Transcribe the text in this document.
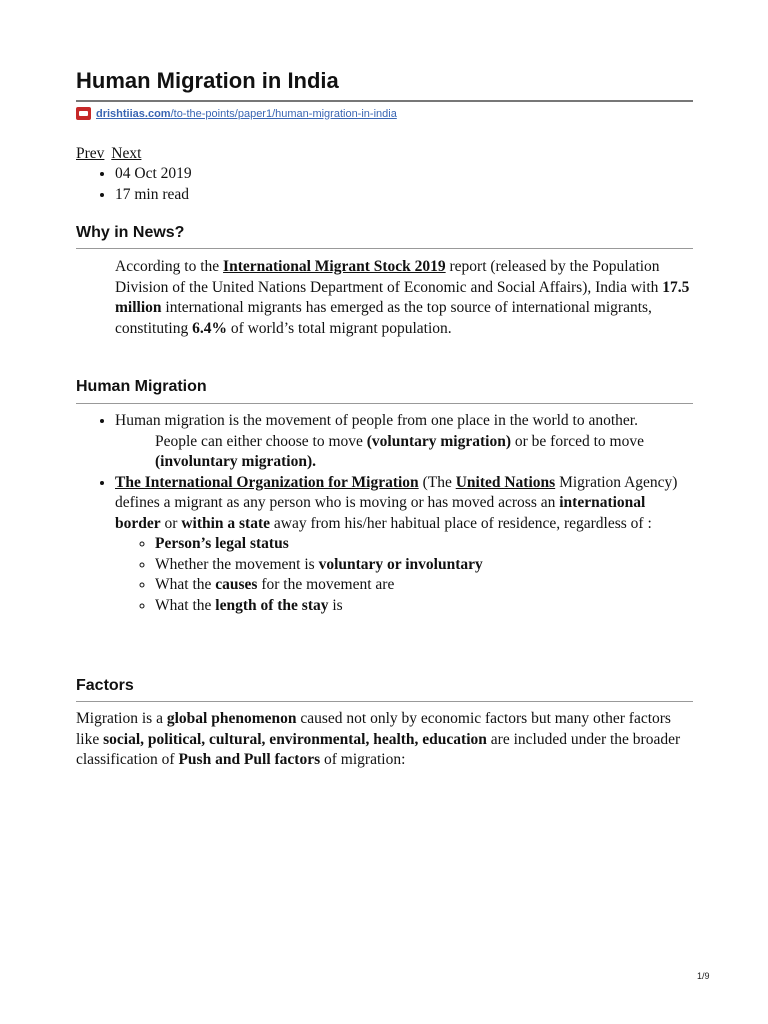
Human Migration in India
drishtiias.com /to-the-points/paper1/human-migration-in-india
Prev Next
• 04 Oct 2019
• 17 min read
Why in News?
According to the International Migrant Stock 2019 report (released by the Population Division of the United Nations Department of Economic and Social Affairs), India with 17.5 million international migrants has emerged as the top source of international migrants, constituting 6.4% of world’s total migrant population.
Human Migration
• Human migration is the movement of people from one place in the world to another.
People can either choose to move (voluntary migration) or be forced to move (involuntary migration).
• The International Organization for Migration (The United Nations Migration Agency) defines a migrant as any person who is moving or has moved across an international border or within a state away from his/her habitual place of residence, regardless of :
◦ Person’s legal status
◦ Whether the movement is voluntary or involuntary
◦ What the causes for the movement are
◦ What the length of the stay is
Factors
Migration is a global phenomenon caused not only by economic factors but many other factors like social, political, cultural, environmental, health, education are included under the broader classification of Push and Pull factors of migration:
1/9
